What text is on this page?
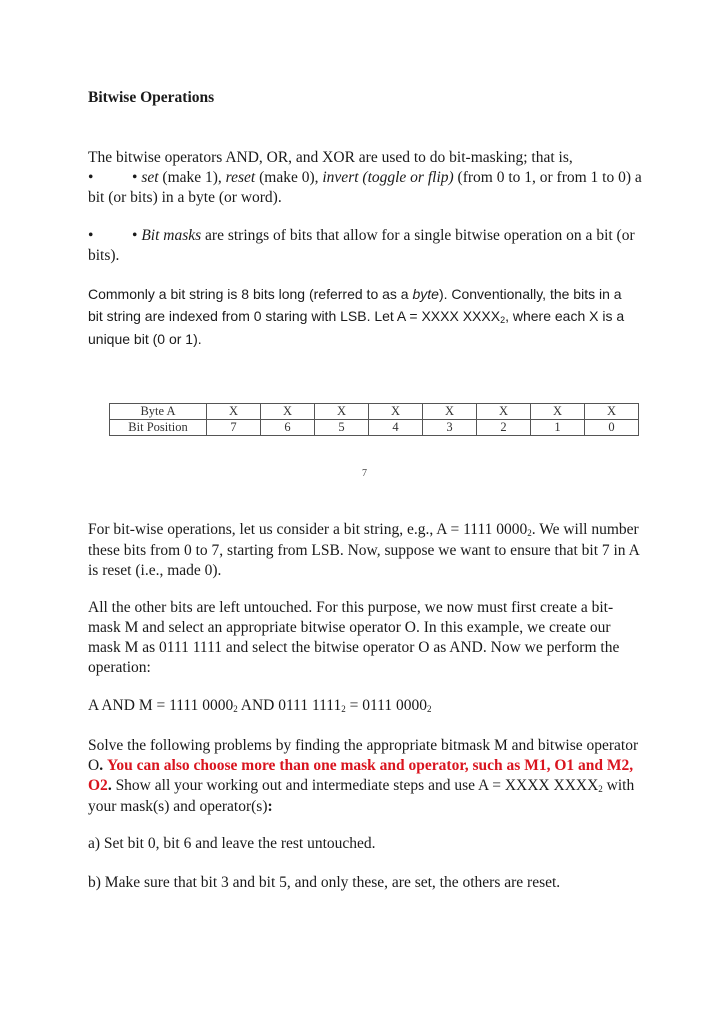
Bitwise Operations

The bitwise operators AND, OR, and XOR are used to do bit-masking; that is,

•	• set (make 1), reset (make 0), invert (toggle or flip) (from 0 to 1, or from 1 to 0) a bit (or bits) in a byte (or word).
•	• Bit masks are strings of bits that allow for a single bitwise operation on a bit (or bits).

Commonly a bit string is 8 bits long (referred to as a byte). Conventionally, the bits in a bit string are indexed from 0 staring with LSB. Let A = XXXX $XXXX_2$, where each X is a unique bit (0 or 1).

Byte A	X	X	X	X	X	X	X	X
Bit Position	7	6	5	4	3	2	1	0
7

For bit-wise operations, let us consider a bit string, e.g., A = 1111 $0000_2$. We will number these bits from 0 to 7, starting from LSB. Now, suppose we want to ensure that bit 7 in A is reset (i.e., made 0).

All the other bits are left untouched. For this purpose, we now must first create a bit-mask M and select an appropriate bitwise operator O. In this example, we create our mask M as 0111 1111 and select the bitwise operator O as AND. Now we perform the operation:

A AND M = 1111 $0000_2$ AND 0111 $1111_2 = 0111$ $0000_2$

Solve the following problems by finding the appropriate bitmask M and bitwise operator O. You can also choose more than one mask and operator, such as M1, O1 and M2, O2. Show all your working out and intermediate steps and use A = XXXX $XXXX_2$ with your mask(s) and operator(s):

a) Set bit 0, bit 6 and leave the rest untouched.

b) Make sure that bit 3 and bit 5, and only these, are set, the others are reset.
